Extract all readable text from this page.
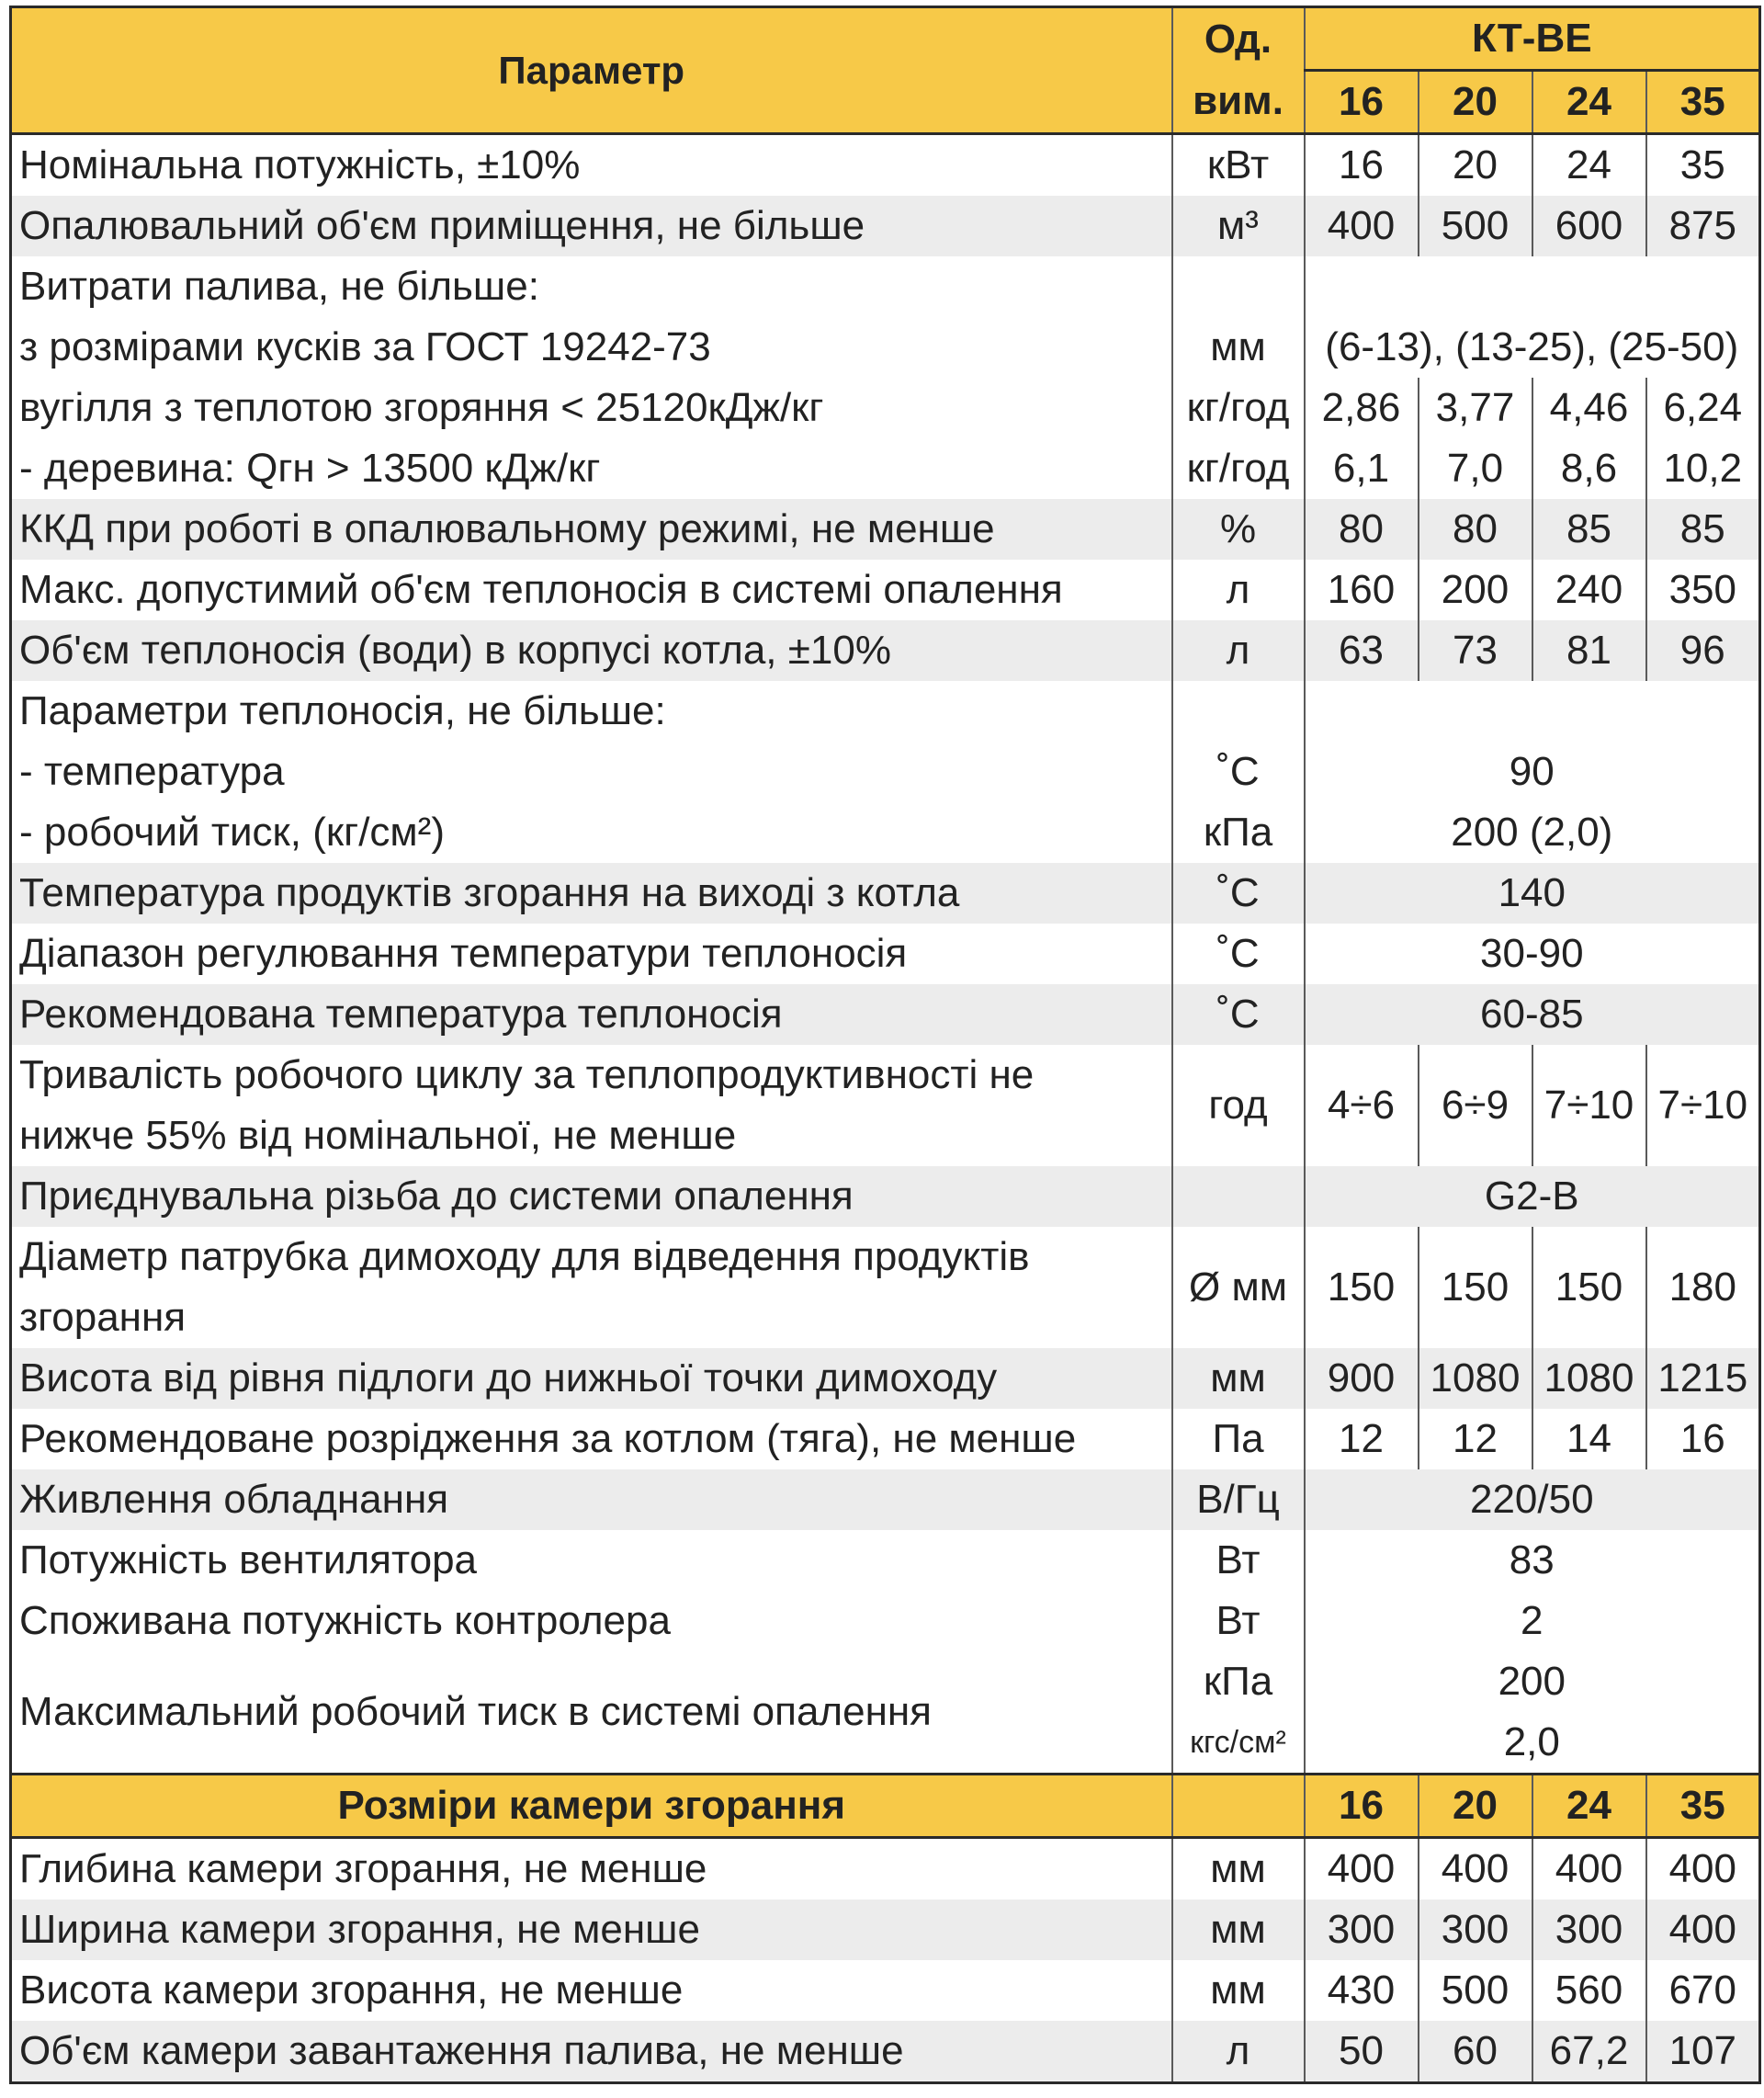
Параметр	Од.	КТ-ВЕ			
	вим.	16	20	24	35
Номінальна потужність, ±10%	кВт	16	20	24	35
Опалювальний об'єм приміщення, не більше	м³	400	500	600	875
Витрати палива, не більше:					
з розмірами кусків за ГОСТ 19242-73	мм	(6-13), (13-25), (25-50)			
вугілля з теплотою згоряння < 25120кДж/кг	кг/год	2,86	3,77	4,46	6,24
- деревина: Qгн > 13500 кДж/кг	кг/год	6,1	7,0	8,6	10,2
ККД при роботі в опалювальному режимі, не менше	%	80	80	85	85
Макс. допустимий об'єм теплоносія в системі опалення	л	160	200	240	350
Об'єм теплоносія (води) в корпусі котла, ±10%	л	63	73	81	96
Параметри теплоносія, не більше:					
- температура	˚С	90			
- робочий тиск, (кг/см²)	кПа	200 (2,0)			
Температура продуктів згорання на виході з котла	˚С	140			
Діапазон регулювання температури теплоносія	˚С	30-90			
Рекомендована температура теплоносія	˚С	60-85			
Тривалість робочого циклу за теплопродуктивності не	год	4÷6	6÷9	7÷10	7÷10
нижче 55% від номінальної, не менше					
Приєднувальна різьба до системи опалення		G2-В			
Діаметр патрубка димоходу для відведення продуктів	Ø мм	150	150	150	180
згорання					
Висота від рівня підлоги до нижньої точки димоходу	мм	900	1080	1080	1215
Рекомендоване розрідження за котлом (тяга), не менше	Па	12	12	14	16
Живлення обладнання	В/Гц	220/50			
Потужність вентилятора	Вт	83			
Споживана потужність контролера	Вт	2			
Максимальний робочий тиск в системі опалення	кПа	200			
	кгс/см²	2,0			
Розміри камери згорання		16	20	24	35
Глибина камери згорання, не менше	мм	400	400	400	400
Ширина камери згорання, не менше	мм	300	300	300	400
Висота камери згорання, не менше	мм	430	500	560	670
Об'єм камери завантаження палива, не менше	л	50	60	67,2	107
